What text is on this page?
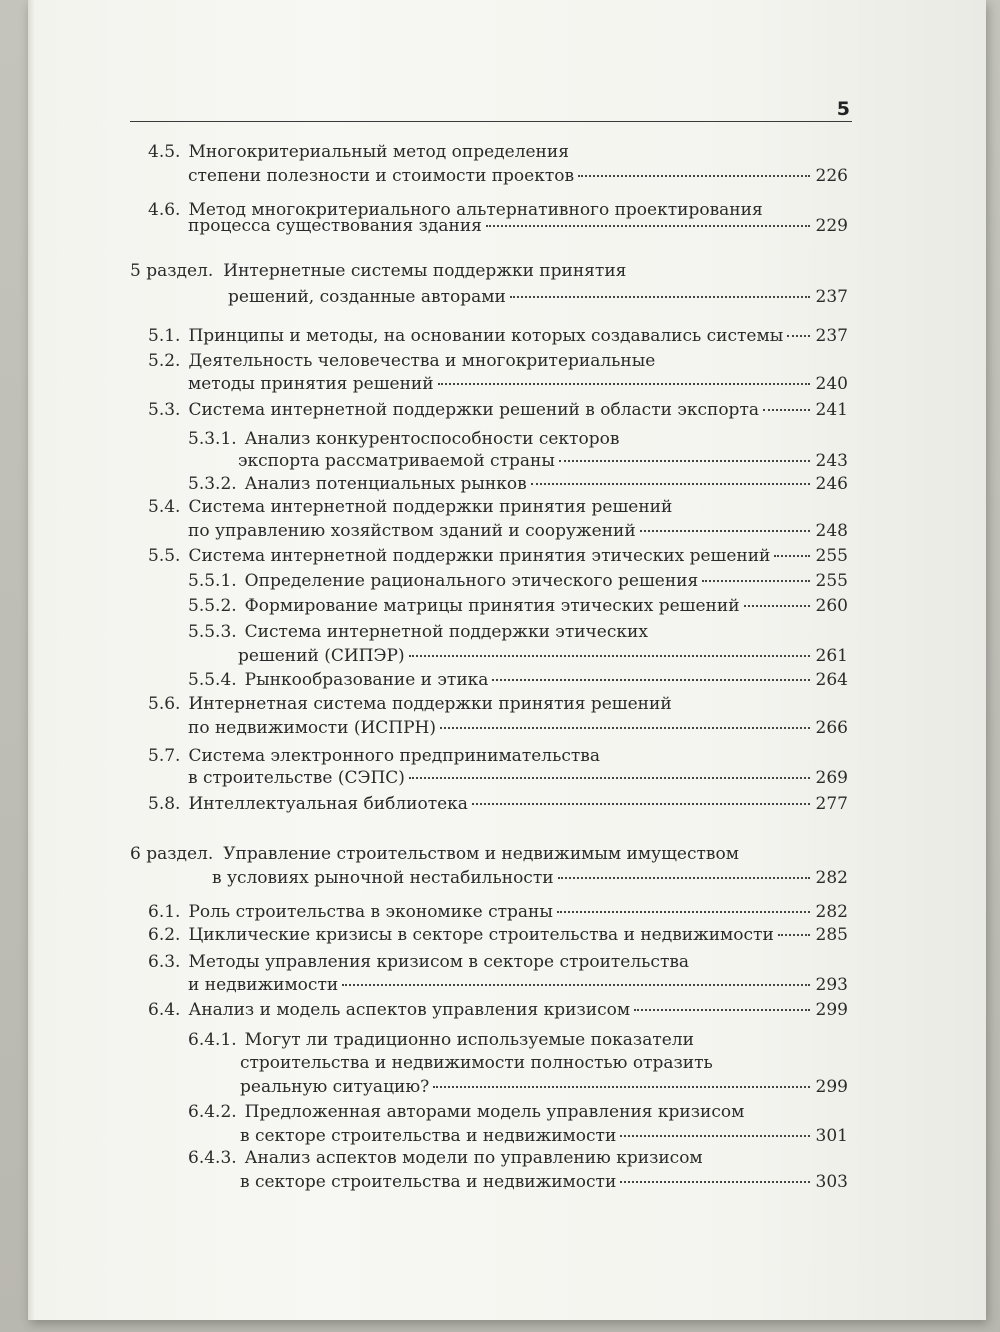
5
4.5. Многокритериальный метод определения
степени полезности и стоимости проектов	226
4.6. Метод многокритериального альтернативного проектирования
процесса существования здания	229
5 раздел. Интернетные системы поддержки принятия
решений, созданные авторами	237
5.1. Принципы и методы, на основании которых создавались системы 237
5.2. Деятельность человечества и многокритериальные
методы принятия решений	240
5.3. Система интернетной поддержки решений в области экспорта	241
5.3.1. Анализ конкурентоспособности секторов
экспорта рассматриваемой страны	243
5.3.2. Анализ потенциальных рынков	246
5.4. Система интернетной поддержки принятия решений
по управлению хозяйством зданий и сооружений	248
5.5. Система интернетной поддержки принятия этических решений	255
5.5.1. Определение рационального этического решения	255
5.5.2. Формирование матрицы принятия этических решений	260
5.5.3. Система интернетной поддержки этических
решений (СИПЭР)	261
5.5.4. Рынкообразование и этика	264
5.6. Интернетная система поддержки принятия решений
по недвижимости (ИСПРН)	266
5.7. Система электронного предпринимательства
в строительстве (СЭПС)	269
5.8. Интеллектуальная библиотека	277
6 раздел. Управление строительством и недвижимым имуществом
в условиях рыночной нестабильности	282
6.1. Роль строительства в экономике страны	282
6.2. Циклические кризисы в секторе строительства и недвижимости 285
6.3. Методы управления кризисом в секторе строительства
и недвижимости	293
6.4. Анализ и модель аспектов управления кризисом	299
6.4.1. Могут ли традиционно используемые показатели
строительства и недвижимости полностью отразить
реальную ситуацию?	299
6.4.2. Предложенная авторами модель управления кризисом
в секторе строительства и недвижимости	301
6.4.3. Анализ аспектов модели по управлению кризисом
в секторе строительства и недвижимости	303
